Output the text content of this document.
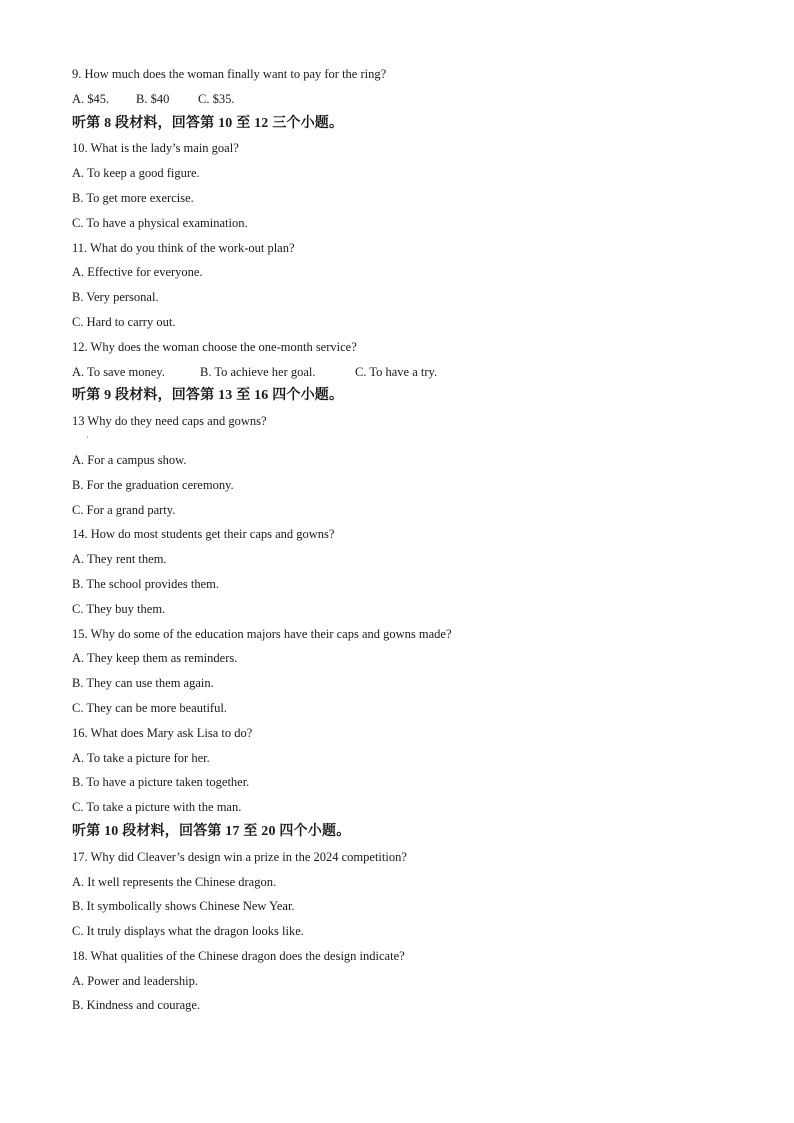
9. How much does the woman finally want to pay for the ring?
A. $45.	B. $40	C. $35.
听第 8 段材料，回答第 10 至 12 三个小题。
10. What is the lady’s main goal?
A. To keep a good figure.
B. To get more exercise.
C. To have a physical examination.
11. What do you think of the work-out plan?
A. Effective for everyone.
B. Very personal.
C. Hard to carry out.
12. Why does the woman choose the one-month service?
A. To save money.	B. To achieve her goal.	C. To have a try.
听第 9 段材料，回答第 13 至 16 四个小题。
13 Why do they need caps and gowns?
·
A. For a campus show.
B. For the graduation ceremony.
C. For a grand party.
14. How do most students get their caps and gowns?
A. They rent them.
B. The school provides them.
C. They buy them.
15. Why do some of the education majors have their caps and gowns made?
A. They keep them as reminders.
B. They can use them again.
C. They can be more beautiful.
16. What does Mary ask Lisa to do?
A. To take a picture for her.
B. To have a picture taken together.
C. To take a picture with the man.
听第 10 段材料，回答第 17 至 20 四个小题。
17. Why did Cleaver’s design win a prize in the 2024 competition?
A. It well represents the Chinese dragon.
B. It symbolically shows Chinese New Year.
C. It truly displays what the dragon looks like.
18. What qualities of the Chinese dragon does the design indicate?
A. Power and leadership.
B. Kindness and courage.
